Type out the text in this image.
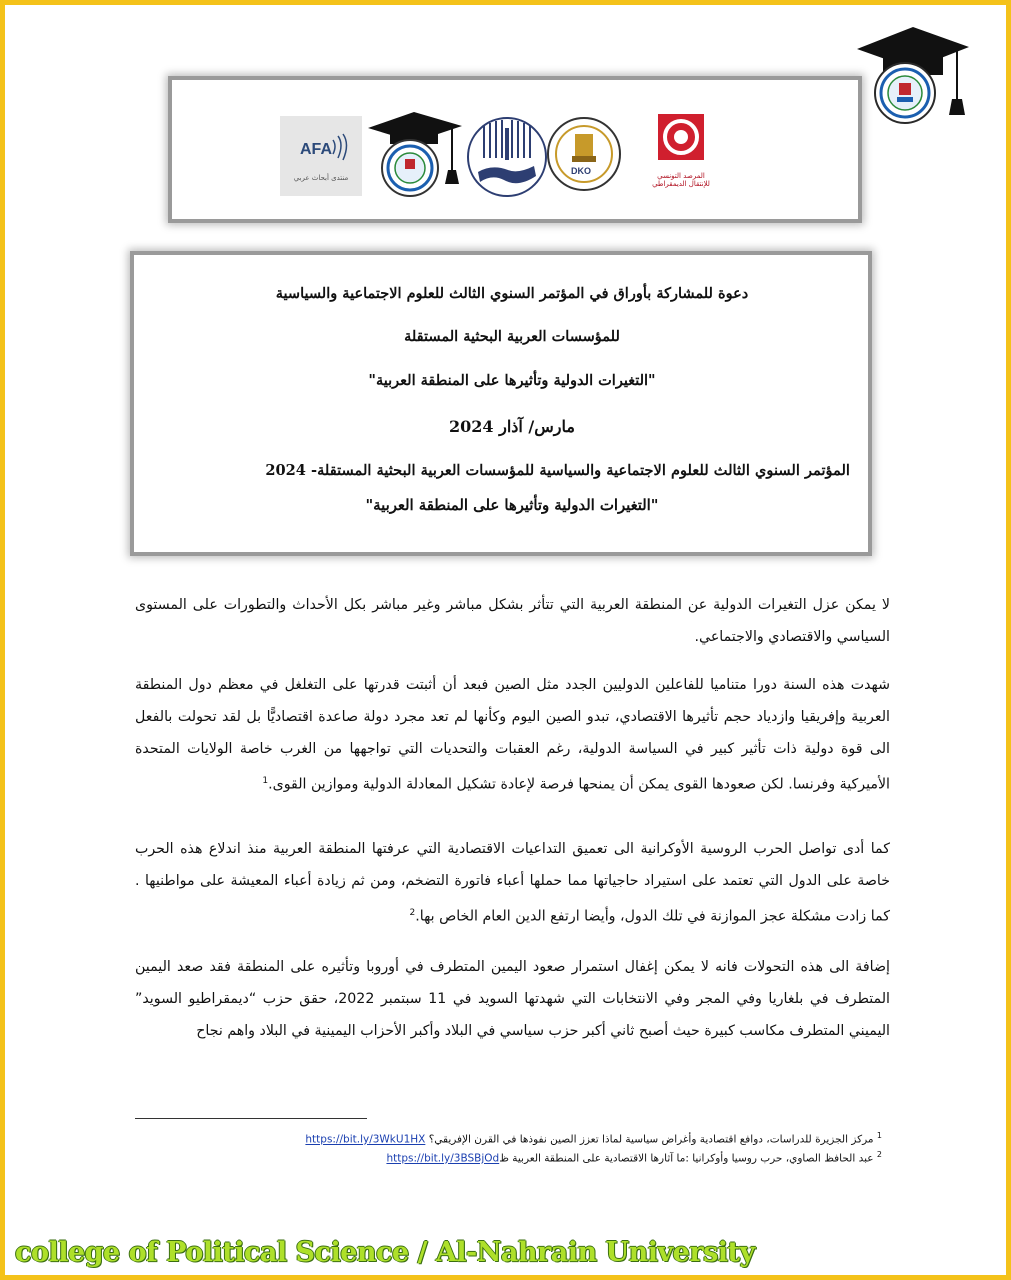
AFA
منتدى أبحاث عربي
DKO	المرصد التونسي
للإنتقال الديمقراطي
دعوة للمشاركة بأوراق في المؤتمر السنوي الثالث للعلوم الاجتماعية والسياسية
للمؤسسات العربية البحثية المستقلة
"التغيرات الدولية وتأثيرها على المنطقة العربية"
مارس/ آذار 2024
المؤتمر السنوي الثالث للعلوم الاجتماعية والسياسية للمؤسسات العربية البحثية المستقلة- 2024
"التغيرات الدولية وتأثيرها على المنطقة العربية"
لا يمكن عزل التغيرات الدولية عن المنطقة العربية التي تتأثر بشكل مباشر وغير مباشر بكل الأحداث والتطورات على المستوى السياسي والاقتصادي والاجتماعي.
شهدت هذه السنة دورا متناميا للفاعلين الدوليين الجدد مثل الصين فبعد أن أثبتت قدرتها على التغلغل في معظم دول المنطقة العربية وإفريقيا وازدياد حجم تأثيرها الاقتصادي، تبدو الصين اليوم وكأنها لم تعد مجرد دولة صاعدة اقتصاديًّا بل لقد تحولت بالفعل الى قوة دولية ذات تأثير كبير في السياسة الدولية، رغم العقبات والتحديات التي تواجهها من الغرب خاصة الولايات المتحدة الأميركية وفرنسا. لكن صعودها القوى يمكن أن يمنحها فرصة لإعادة تشكيل المعادلة الدولية وموازين القوى.$^1$
كما أدى تواصل الحرب الروسية الأوكرانية الى تعميق التداعيات الاقتصادية التي عرفتها المنطقة العربية منذ اندلاع هذه الحرب خاصة على الدول التي تعتمد على استيراد حاجياتها مما حملها أعباء فاتورة التضخم، ومن ثم زيادة أعباء المعيشة على مواطنيها . كما زادت مشكلة عجز الموازنة في تلك الدول، وأيضا ارتفع الدين العام الخاص بها.$^2$
إضافة الى هذه التحولات فانه لا يمكن إغفال استمرار صعود اليمين المتطرف في أوروبا وتأثيره على المنطقة فقد صعد اليمين المتطرف في بلغاريا وفي المجر وفي الانتخابات التي شهدتها السويد في 11 سبتمبر 2022، حقق حزب “ديمقراطيو السويد” اليميني المتطرف مكاسب كبيرة حيث أصبح ثاني أكبر حزب سياسي في البلاد وأكبر الأحزاب اليمينية في البلاد واهم نجاح
$^1$ مركز الجزيرة للدراسات، دوافع اقتصادية وأغراض سياسية لماذا تعزز الصين نفوذها في القرن الإفريقي؟ https://bit.ly/3WkU1HX
$^2$ عبد الحافظ الصاوي، حرب روسيا وأوكرانيا :ما آثارها الاقتصادية على المنطقة العربية ظhttps://bit.ly/3BSBjOd
college of Political Science / Al-Nahrain University
